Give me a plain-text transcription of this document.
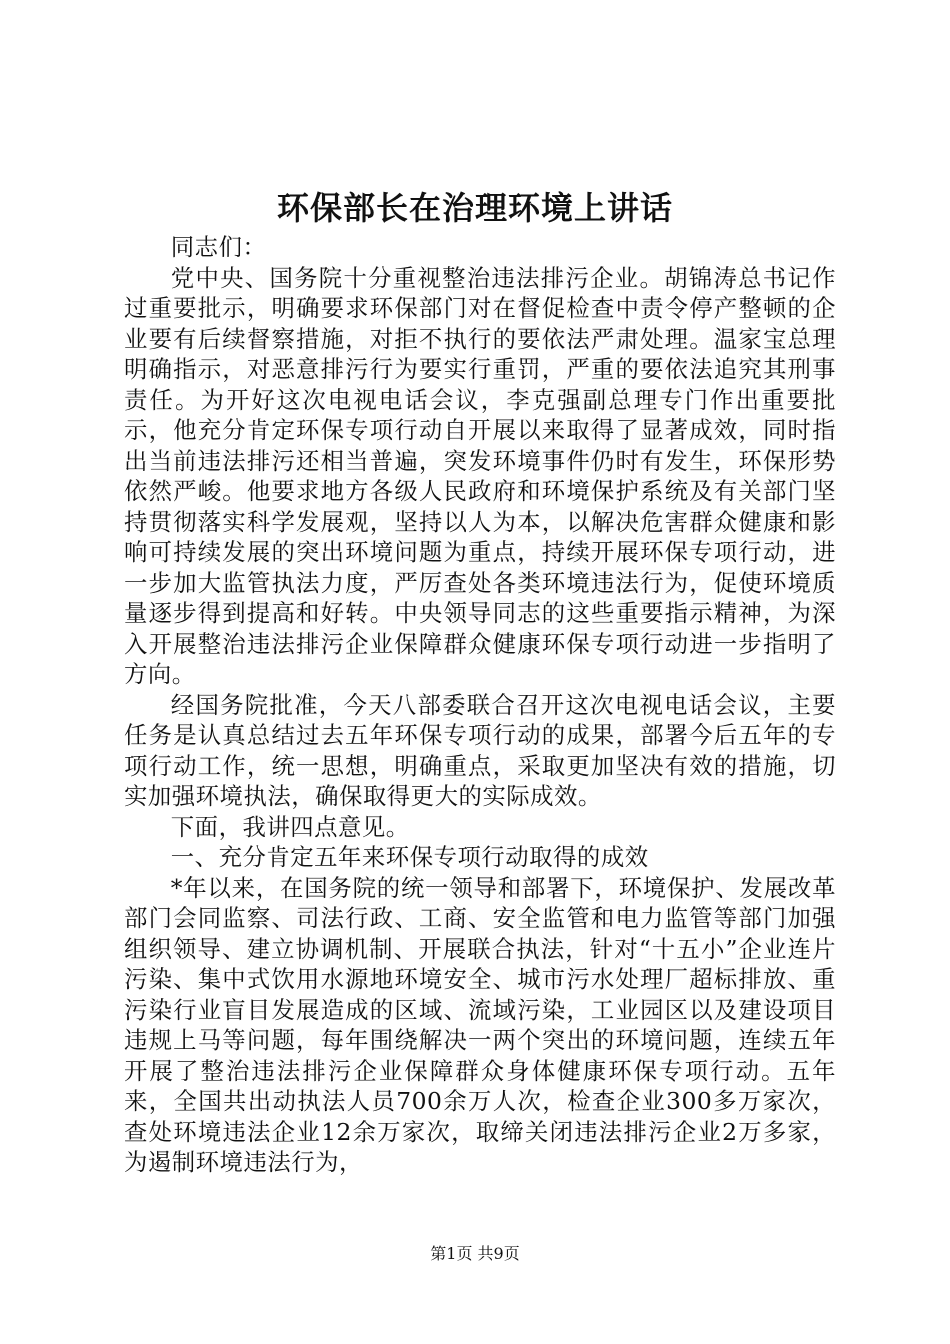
环保部长在治理环境上讲话

同志们：

党中央、国务院十分重视整治违法排污企业。胡锦涛总书记作过重要批示，明确要求环保部门对在督促检查中责令停产整顿的企业要有后续督察措施，对拒不执行的要依法严肃处理。温家宝总理明确指示，对恶意排污行为要实行重罚，严重的要依法追究其刑事责任。为开好这次电视电话会议，李克强副总理专门作出重要批示，他充分肯定环保专项行动自开展以来取得了显著成效，同时指出当前违法排污还相当普遍，突发环境事件仍时有发生，环保形势依然严峻。他要求地方各级人民政府和环境保护系统及有关部门坚持贯彻落实科学发展观，坚持以人为本，以解决危害群众健康和影响可持续发展的突出环境问题为重点，持续开展环保专项行动，进一步加大监管执法力度，严厉查处各类环境违法行为，促使环境质量逐步得到提高和好转。中央领导同志的这些重要指示精神，为深入开展整治违法排污企业保障群众健康环保专项行动进一步指明了方向。

经国务院批准，今天八部委联合召开这次电视电话会议，主要任务是认真总结过去五年环保专项行动的成果，部署今后五年的专项行动工作，统一思想，明确重点，采取更加坚决有效的措施，切实加强环境执法，确保取得更大的实际成效。

下面，我讲四点意见。

一、充分肯定五年来环保专项行动取得的成效

*年以来，在国务院的统一领导和部署下，环境保护、发展改革部门会同监察、司法行政、工商、安全监管和电力监管等部门加强组织领导、建立协调机制、开展联合执法，针对“十五小”企业连片污染、集中式饮用水源地环境安全、城市污水处理厂超标排放、重污染行业盲目发展造成的区域、流域污染，工业园区以及建设项目违规上马等问题，每年围绕解决一两个突出的环境问题，连续五年开展了整治违法排污企业保障群众身体健康环保专项行动。五年来，全国共出动执法人员700余万人次，检查企业300多万家次，查处环境违法企业12余万家次，取缔关闭违法排污企业2万多家，为遏制环境违法行为，

第1页 共9页
